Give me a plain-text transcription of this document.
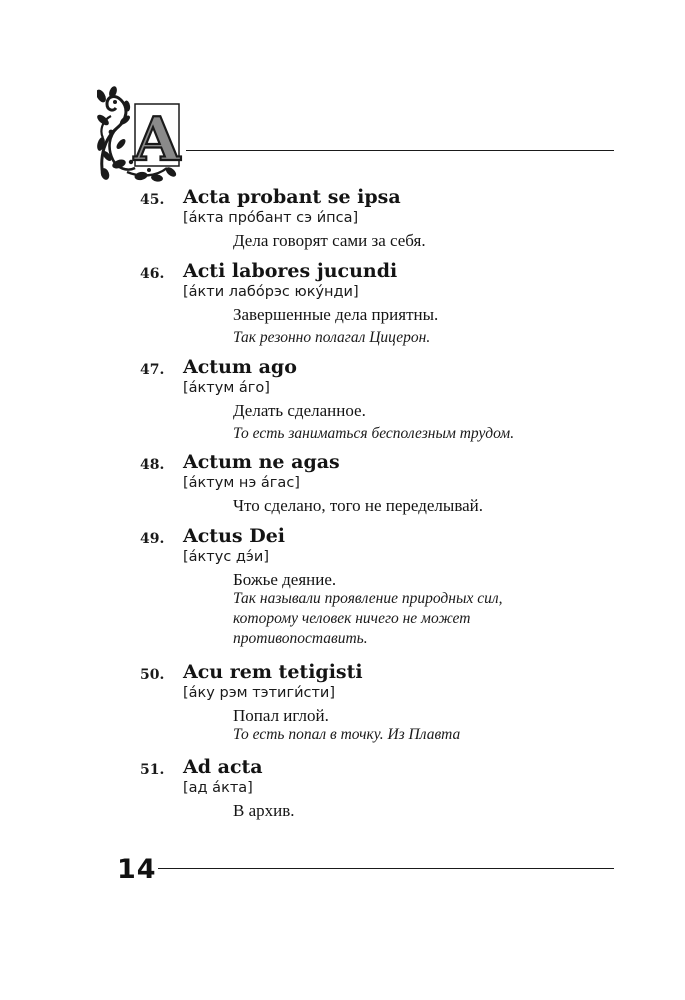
A
45. Acta probant se ipsa
[а́кта про́бант сэ и́пса]
Дела говорят сами за себя.
46. Acti labores jucundi
[а́кти лабо́рэс юку́нди]
Завершенные дела приятны.
Так резонно полагал Цицерон.
47. Actum ago
[а́ктум а́го]
Делать сделанное.
То есть заниматься бесполезным трудом.
48. Actum ne agas
[а́ктум нэ а́гас]
Что сделано, того не переделывай.
49. Actus Dei
[а́ктус дэ́и]
Божье деяние.
Так называли проявление природных сил,
которому человек ничего не может
противопоставить.
50. Acu rem tetigisti
[а́ку рэм тэтиги́сти]
Попал иглой.
То есть попал в точку. Из Плавта
51. Ad acta
[ад а́кта]
В архив.
14
